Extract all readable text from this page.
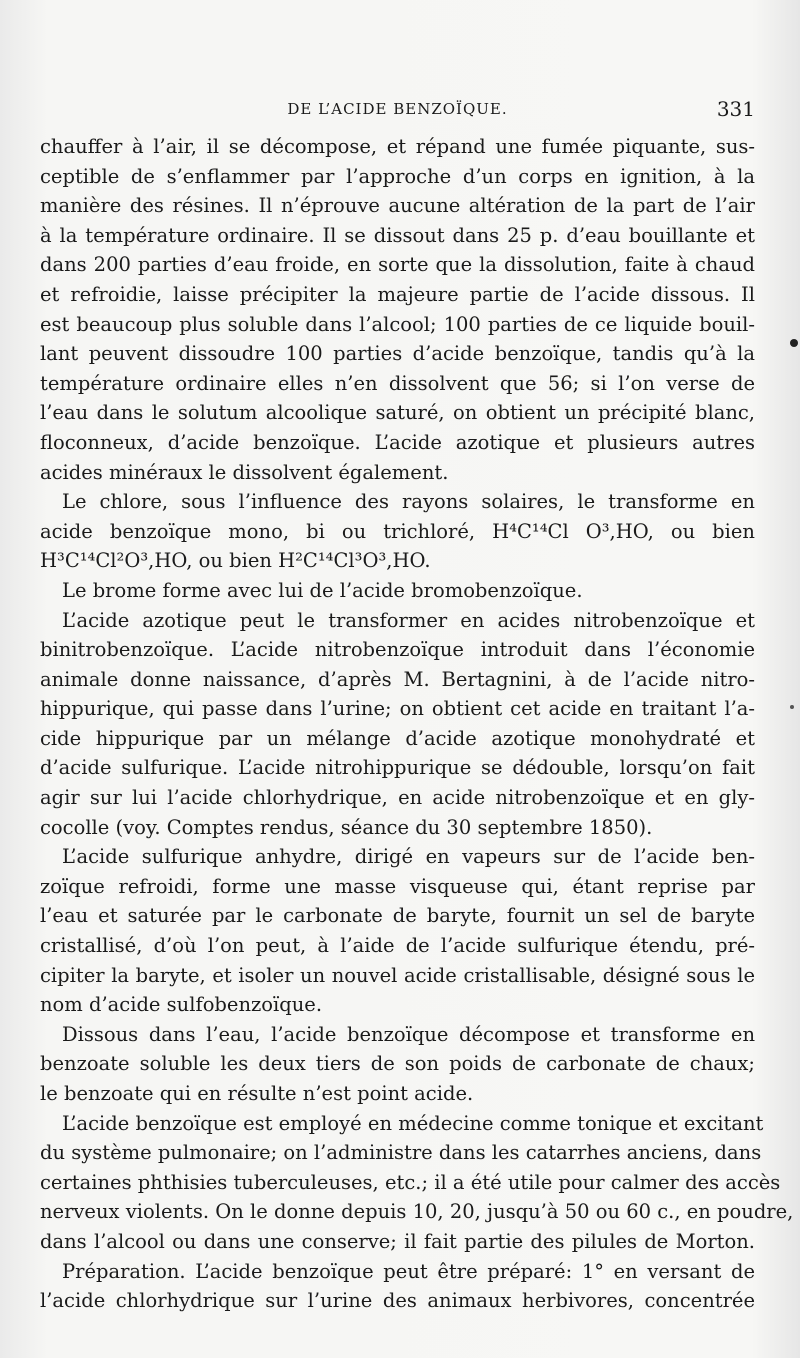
DE L’ACIDE BENZOÏQUE.	331
chauffer à l’air, il se décompose, et répand une fumée piquante, sus-
ceptible de s’enflammer par l’approche d’un corps en ignition, à la
manière des résines. Il n’éprouve aucune altération de la part de l’air
à la température ordinaire. Il se dissout dans 25 p. d’eau bouillante et
dans 200 parties d’eau froide, en sorte que la dissolution, faite à chaud
et refroidie, laisse précipiter la majeure partie de l’acide dissous. Il
est beaucoup plus soluble dans l’alcool; 100 parties de ce liquide bouil-
lant peuvent dissoudre 100 parties d’acide benzoïque, tandis qu’à la
température ordinaire elles n’en dissolvent que 56; si l’on verse de
l’eau dans le solutum alcoolique saturé, on obtient un précipité blanc,
floconneux, d’acide benzoïque. L’acide azotique et plusieurs autres
acides minéraux le dissolvent également.
Le chlore, sous l’influence des rayons solaires, le transforme en
acide benzoïque mono, bi ou trichloré, H⁴C¹⁴Cl O³,HO, ou bien
H³C¹⁴Cl²O³,HO, ou bien H²C¹⁴Cl³O³,HO.
Le brome forme avec lui de l’acide bromobenzoïque.
L’acide azotique peut le transformer en acides nitrobenzoïque et
binitrobenzoïque. L’acide nitrobenzoïque introduit dans l’économie
animale donne naissance, d’après M. Bertagnini, à de l’acide nitro-
hippurique, qui passe dans l’urine; on obtient cet acide en traitant l’a-
cide hippurique par un mélange d’acide azotique monohydraté et
d’acide sulfurique. L’acide nitrohippurique se dédouble, lorsqu’on fait
agir sur lui l’acide chlorhydrique, en acide nitrobenzoïque et en gly-
cocolle (voy. Comptes rendus, séance du 30 septembre 1850).
L’acide sulfurique anhydre, dirigé en vapeurs sur de l’acide ben-
zoïque refroidi, forme une masse visqueuse qui, étant reprise par
l’eau et saturée par le carbonate de baryte, fournit un sel de baryte
cristallisé, d’où l’on peut, à l’aide de l’acide sulfurique étendu, pré-
cipiter la baryte, et isoler un nouvel acide cristallisable, désigné sous le
nom d’acide sulfobenzoïque.
Dissous dans l’eau, l’acide benzoïque décompose et transforme en
benzoate soluble les deux tiers de son poids de carbonate de chaux;
le benzoate qui en résulte n’est point acide.
L’acide benzoïque est employé en médecine comme tonique et excitant
du système pulmonaire; on l’administre dans les catarrhes anciens, dans
certaines phthisies tuberculeuses, etc.; il a été utile pour calmer des accès
nerveux violents. On le donne depuis 10, 20, jusqu’à 50 ou 60 c., en poudre,
dans l’alcool ou dans une conserve; il fait partie des pilules de Morton.
Préparation. L’acide benzoïque peut être préparé: 1° en versant de
l’acide chlorhydrique sur l’urine des animaux herbivores, concentrée
